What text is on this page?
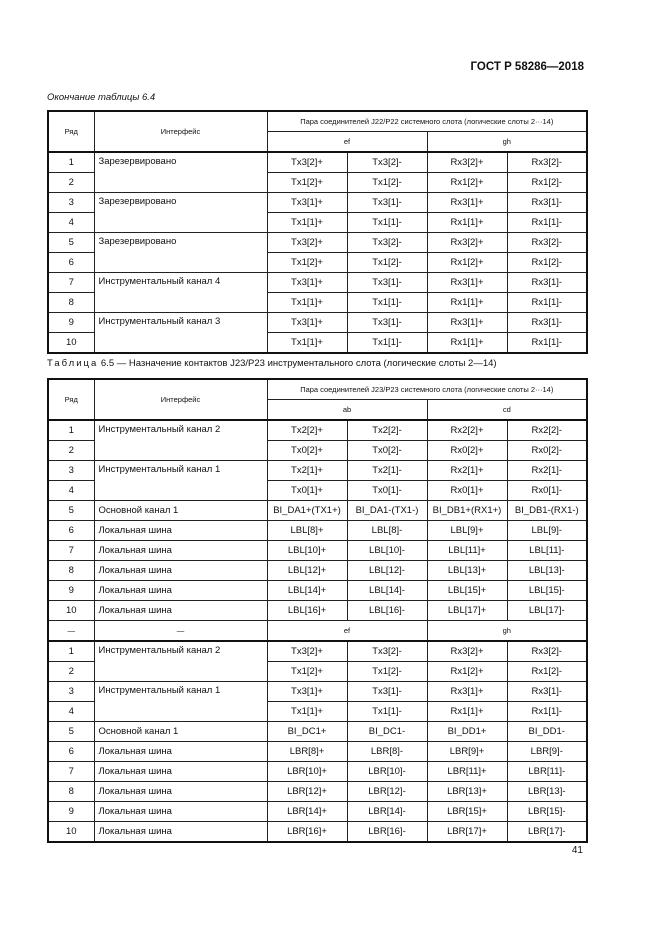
ГОСТ Р 58286—2018
Окончание таблицы 6.4
Ряд	Интерфейс	Пара соединителей J22/P22 системного слота (логические слоты 2···14)			
		ef		gh	
1	Зарезервировано	Tx3[2]+	Tx3[2]-	Rx3[2]+	Rx3[2]-
2		Tx1[2]+	Tx1[2]-	Rx1[2]+	Rx1[2]-
3	Зарезервировано	Tx3[1]+	Tx3[1]-	Rx3[1]+	Rx3[1]-
4		Tx1[1]+	Tx1[1]-	Rx1[1]+	Rx1[1]-
5	Зарезервировано	Tx3[2]+	Tx3[2]-	Rx3[2]+	Rx3[2]-
6		Tx1[2]+	Tx1[2]-	Rx1[2]+	Rx1[2]-
7	Инструментальный канал 4	Tx3[1]+	Tx3[1]-	Rx3[1]+	Rx3[1]-
8		Tx1[1]+	Tx1[1]-	Rx1[1]+	Rx1[1]-
9	Инструментальный канал 3	Tx3[1]+	Tx3[1]-	Rx3[1]+	Rx3[1]-
10		Tx1[1]+	Tx1[1]-	Rx1[1]+	Rx1[1]-
Таблица 6.5 — Назначение контактов J23/P23 инструментального слота (логические слоты 2—14)
Ряд	Интерфейс	Пара соединителей J23/P23 системного слота (логические слоты 2···14)			
		ab		cd	
1	Инструментальный канал 2	Tx2[2]+	Tx2[2]-	Rx2[2]+	Rx2[2]-
2		Tx0[2]+	Tx0[2]-	Rx0[2]+	Rx0[2]-
3	Инструментальный канал 1	Tx2[1]+	Tx2[1]-	Rx2[1]+	Rx2[1]-
4		Tx0[1]+	Tx0[1]-	Rx0[1]+	Rx0[1]-
5	Основной канал 1	BI_DA1+(TX1+)	BI_DA1-(TX1-)	BI_DB1+(RX1+)	BI_DB1-(RX1-)
6	Локальная шина	LBL[8]+	LBL[8]-	LBL[9]+	LBL[9]-
7	Локальная шина	LBL[10]+	LBL[10]-	LBL[11]+	LBL[11]-
8	Локальная шина	LBL[12]+	LBL[12]-	LBL[13]+	LBL[13]-
9	Локальная шина	LBL[14]+	LBL[14]-	LBL[15]+	LBL[15]-
10	Локальная шина	LBL[16]+	LBL[16]-	LBL[17]+	LBL[17]-
—	—	ef		gh	
1	Инструментальный канал 2	Tx3[2]+	Tx3[2]-	Rx3[2]+	Rx3[2]-
2		Tx1[2]+	Tx1[2]-	Rx1[2]+	Rx1[2]-
3	Инструментальный канал 1	Tx3[1]+	Tx3[1]-	Rx3[1]+	Rx3[1]-
4		Tx1[1]+	Tx1[1]-	Rx1[1]+	Rx1[1]-
5	Основной канал 1	BI_DC1+	BI_DC1-	BI_DD1+	BI_DD1-
6	Локальная шина	LBR[8]+	LBR[8]-	LBR[9]+	LBR[9]-
7	Локальная шина	LBR[10]+	LBR[10]-	LBR[11]+	LBR[11]-
8	Локальная шина	LBR[12]+	LBR[12]-	LBR[13]+	LBR[13]-
9	Локальная шина	LBR[14]+	LBR[14]-	LBR[15]+	LBR[15]-
10	Локальная шина	LBR[16]+	LBR[16]-	LBR[17]+	LBR[17]-
41
